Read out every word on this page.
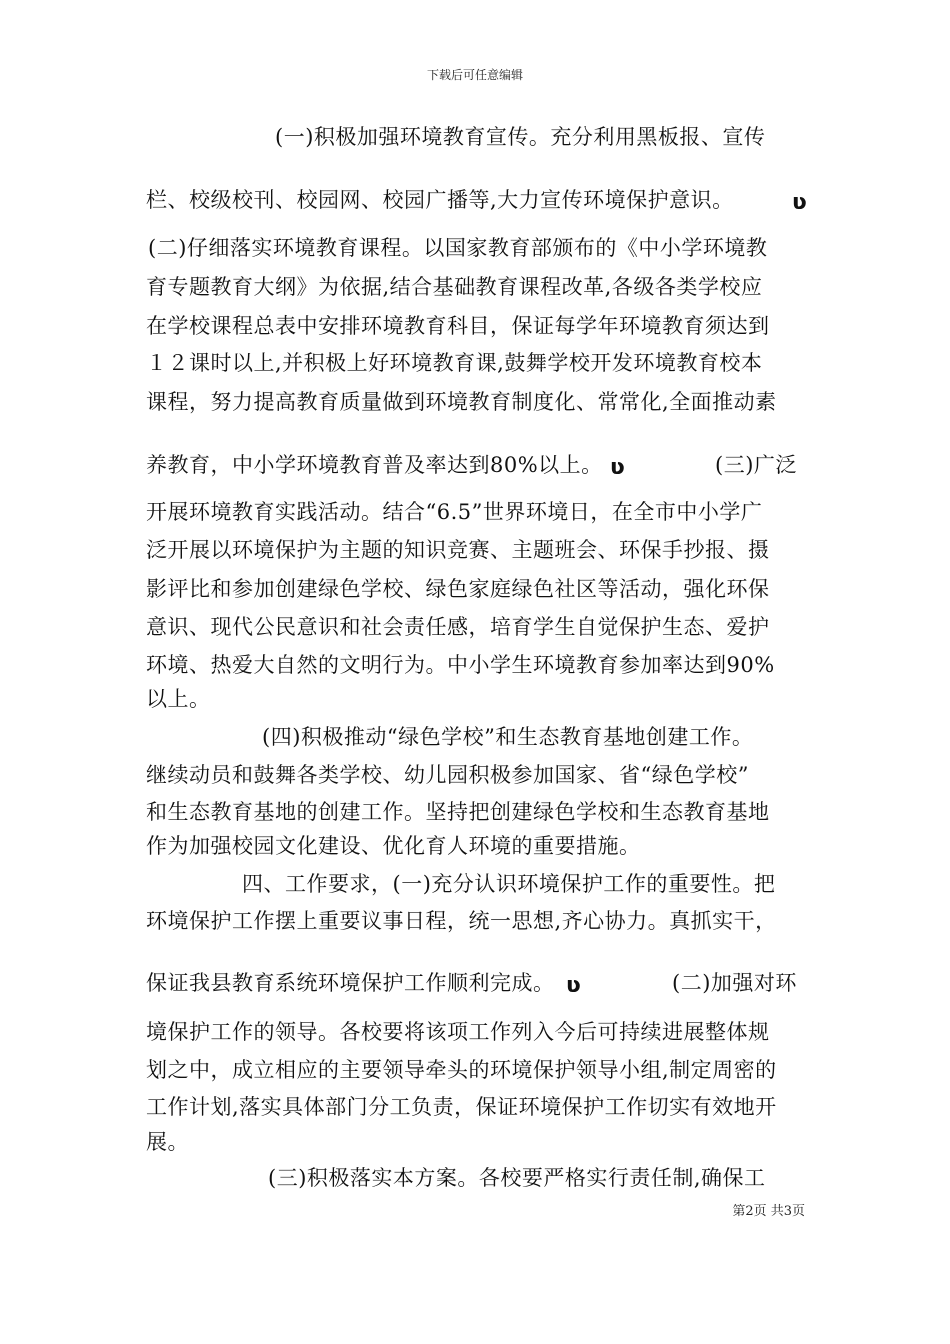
下载后可任意编辑
(一)积极加强环境教育宣传。充分利用黑板报、宣传
栏、校级校刊、校园网、校园广播等,大力宣传环境保护意识。	ʋ
(二)仔细落实环境教育课程。以国家教育部颁布的《中小学环境教
育专题教育大纲》为依据,结合基础教育课程改革,各级各类学校应
在学校课程总表中安排环境教育科目，保证每学年环境教育须达到
１２课时以上,并积极上好环境教育课,鼓舞学校开发环境教育校本
课程，努力提高教育质量做到环境教育制度化、常常化,全面推动素
养教育，中小学环境教育普及率达到80%以上。 ʋ	(三)广泛
开展环境教育实践活动。结合“6.5”世界环境日，在全市中小学广
泛开展以环境保护为主题的知识竞赛、主题班会、环保手抄报、摄
影评比和参加创建绿色学校、绿色家庭绿色社区等活动，强化环保
意识、现代公民意识和社会责任感，培育学生自觉保护生态、爱护
环境、热爱大自然的文明行为。中小学生环境教育参加率达到90%
以上。
(四)积极推动“绿色学校”和生态教育基地创建工作。
继续动员和鼓舞各类学校、幼儿园积极参加国家、省“绿色学校”
和生态教育基地的创建工作。坚持把创建绿色学校和生态教育基地
作为加强校园文化建设、优化育人环境的重要措施。
四、工作要求，(一)充分认识环境保护工作的重要性。把
环境保护工作摆上重要议事日程，统一思想,齐心协力。真抓实干，
保证我县教育系统环境保护工作顺利完成。 ʋ	(二)加强对环
境保护工作的领导。各校要将该项工作列入今后可持续进展整体规
划之中，成立相应的主要领导牵头的环境保护领导小组,制定周密的
工作计划,落实具体部门分工负责，保证环境保护工作切实有效地开
展。
(三)积极落实本方案。各校要严格实行责任制,确保工
第2页 共3页
